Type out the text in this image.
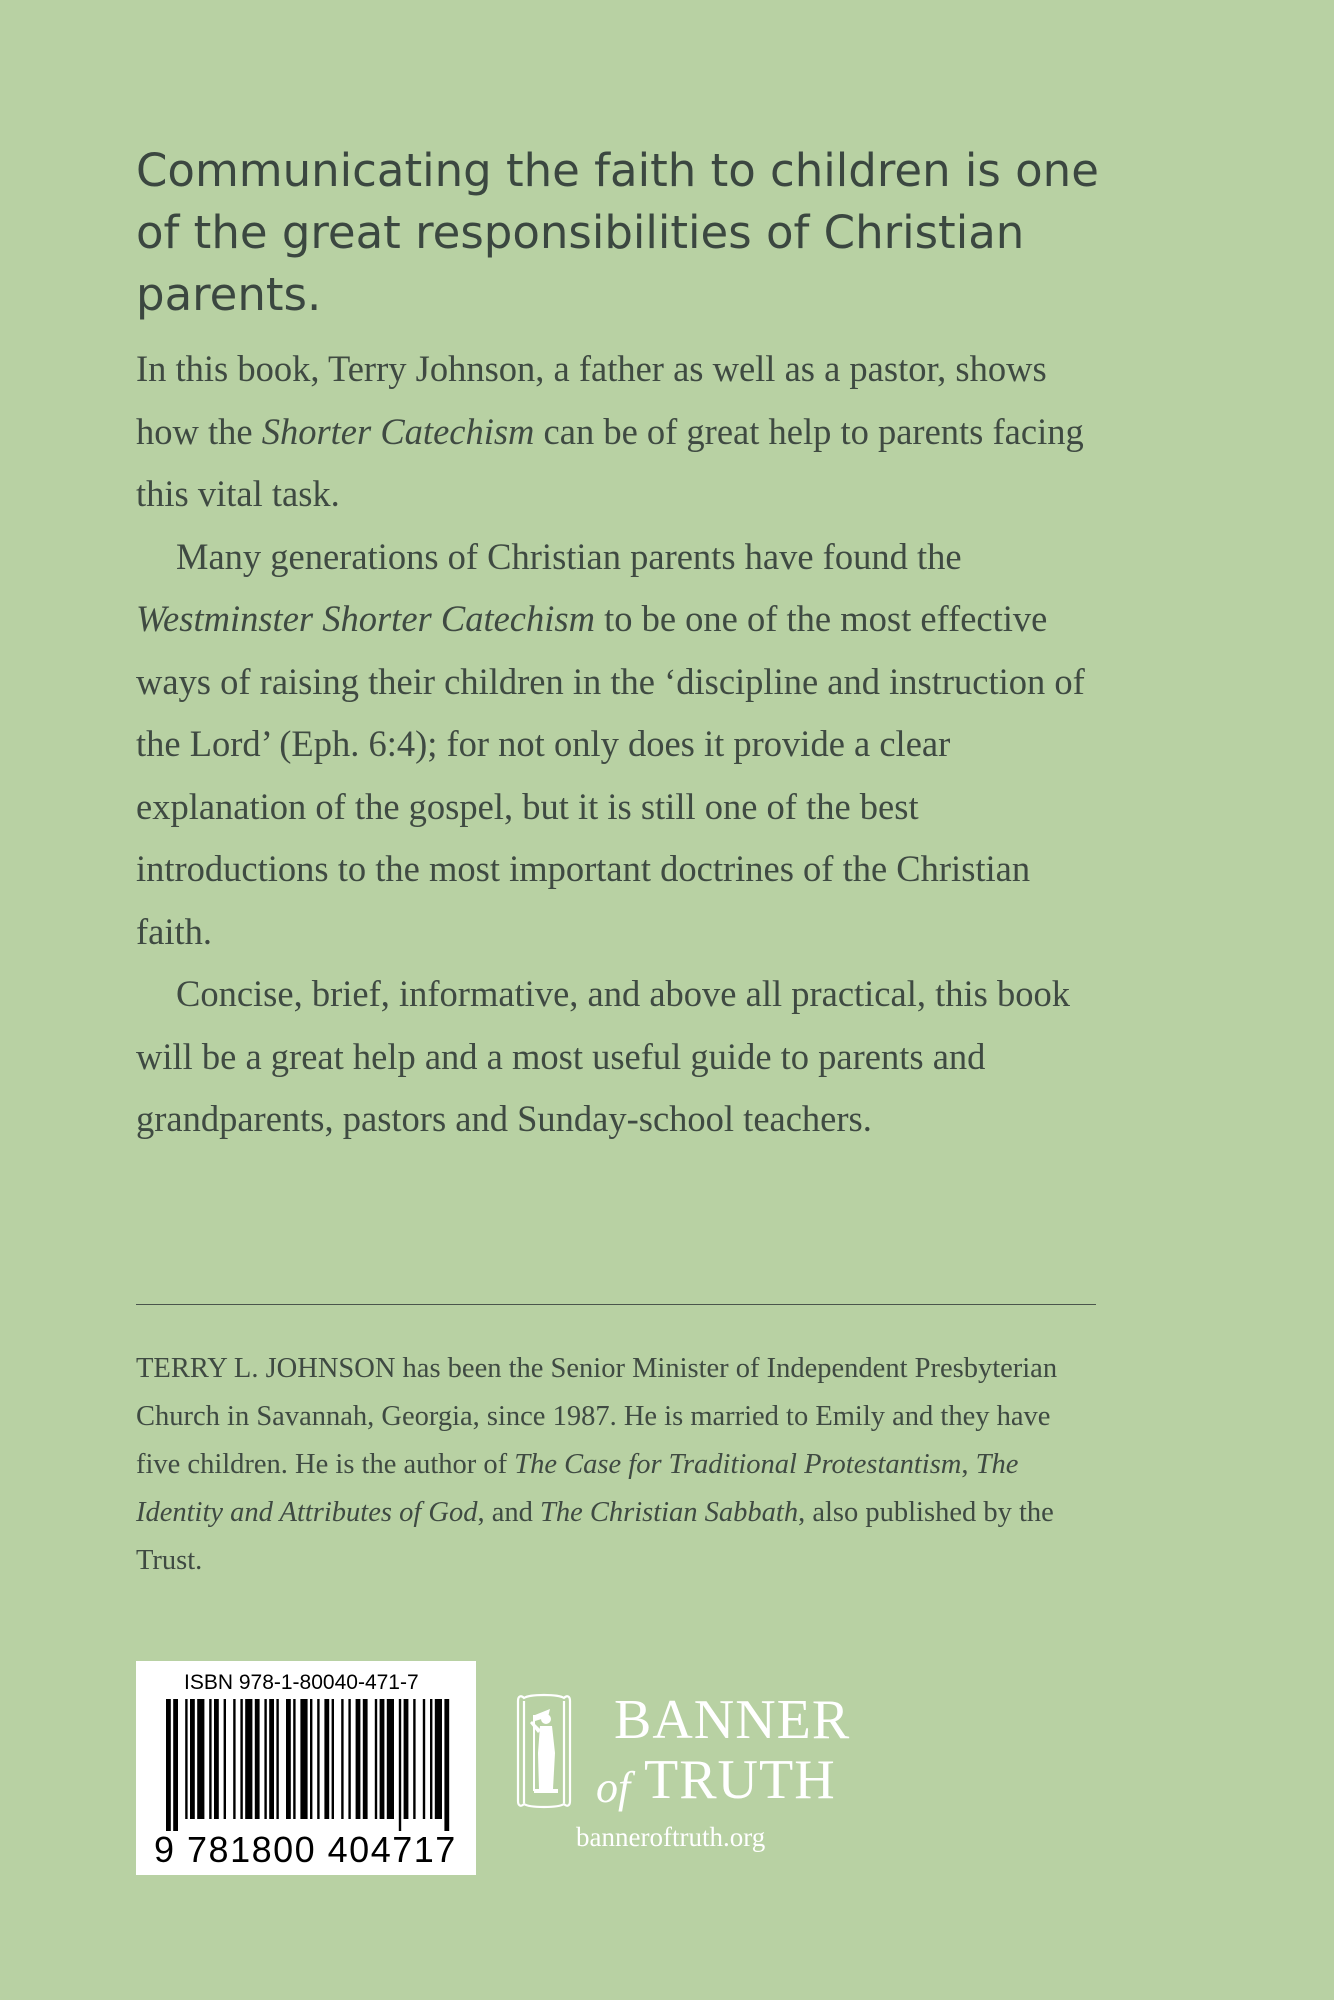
Communicating the faith to children is one of the great responsibilities of Christian parents.

In this book, Terry Johnson, a father as well as a pastor, shows how the Shorter Catechism can be of great help to parents facing this vital task.

Many generations of Christian parents have found the Westminster Shorter Catechism to be one of the most effective ways of raising their children in the ‘discipline and instruction of the Lord’ (Eph. 6:4); for not only does it provide a clear explanation of the gospel, but it is still one of the best introductions to the most important doctrines of the Christian faith.

Concise, brief, informative, and above all practical, this book will be a great help and a most useful guide to parents and grandparents, pastors and Sunday-school teachers.

TERRY L. JOHNSON has been the Senior Minister of Independent Presbyterian Church in Savannah, Georgia, since 1987. He is married to Emily and they have five children. He is the author of The Case for Traditional Protestantism, The Identity and Attributes of God, and The Christian Sabbath, also published by the Trust.

ISBN 978-1-80040-471-7
9 781800 404717
BANNER
of TRUTH
banneroftruth.org
